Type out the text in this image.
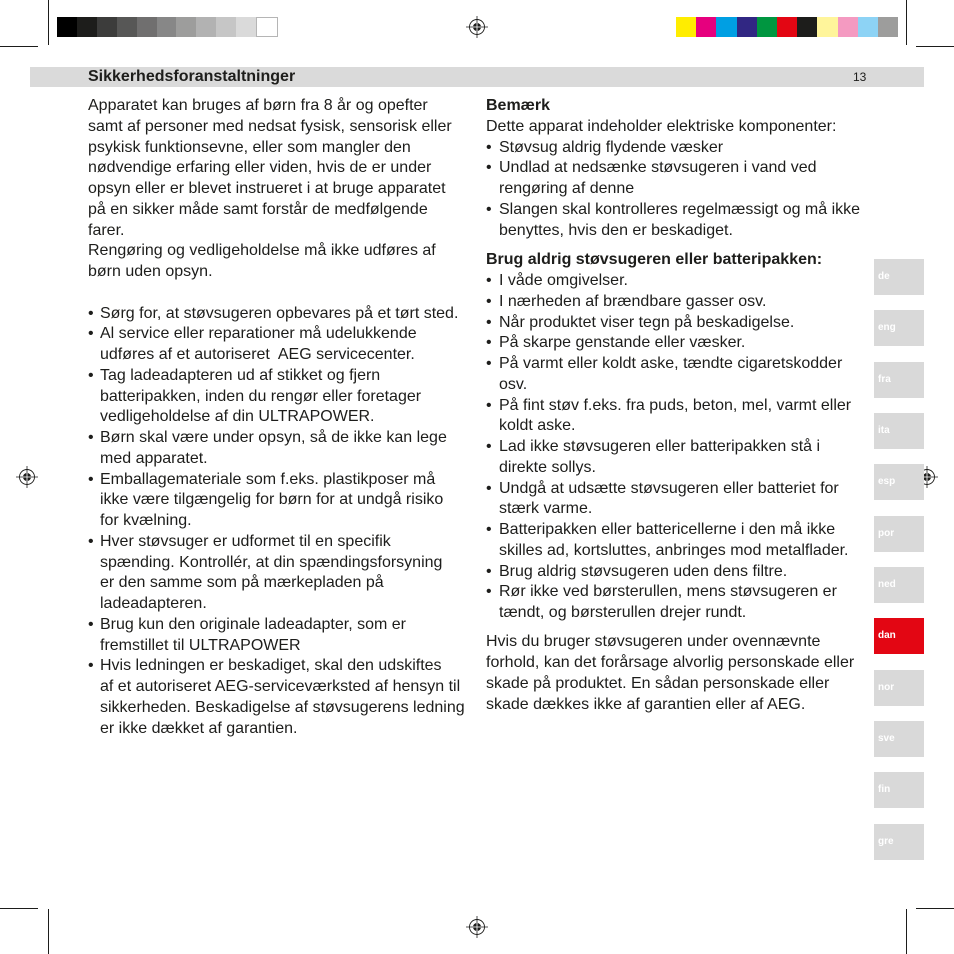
Sikkerhedsforanstaltninger	13
Apparatet kan bruges af børn fra 8 år og opefter
samt af personer med nedsat fysisk, sensorisk eller
psykisk funktionsevne, eller som mangler den
nødvendige erfaring eller viden, hvis de er under
opsyn eller er blevet instrueret i at bruge apparatet
på en sikker måde samt forstår de medfølgende
farer.
Rengøring og vedligeholdelse må ikke udføres af
børn uden opsyn.
• Sørg for, at støvsugeren opbevares på et tørt sted.
• Al service eller reparationer må udelukkende
udføres af et autoriseret  AEG servicecenter.
• Tag ladeadapteren ud af stikket og fjern
batteripakken, inden du rengør eller foretager
vedligeholdelse af din ULTRAPOWER.
• Børn skal være under opsyn, så de ikke kan lege
med apparatet.
• Emballagemateriale som f.eks. plastikposer må
ikke være tilgængelig for børn for at undgå risiko
for kvælning.
• Hver støvsuger er udformet til en specifik
spænding. Kontrollér, at din spændingsforsyning
er den samme som på mærkepladen på
ladeadapteren.
• Brug kun den originale ladeadapter, som er
fremstillet til ULTRAPOWER
• Hvis ledningen er beskadiget, skal den udskiftes
af et autoriseret AEG-serviceværksted af hensyn til
sikkerheden. Beskadigelse af støvsugerens ledning
er ikke dækket af garantien.
Bemærk
Dette apparat indeholder elektriske komponenter:
• Støvsug aldrig flydende væsker
• Undlad at nedsænke støvsugeren i vand ved
rengøring af denne
• Slangen skal kontrolleres regelmæssigt og må ikke
benyttes, hvis den er beskadiget.
Brug aldrig støvsugeren eller batteripakken:
• I våde omgivelser.
• I nærheden af brændbare gasser osv.
• Når produktet viser tegn på beskadigelse.
• På skarpe genstande eller væsker.
• På varmt eller koldt aske, tændte cigaretskodder
osv.
• På fint støv f.eks. fra puds, beton, mel, varmt eller
koldt aske.
• Lad ikke støvsugeren eller batteripakken stå i
direkte sollys.
• Undgå at udsætte støvsugeren eller batteriet for
stærk varme.
• Batteripakken eller battericellerne i den må ikke
skilles ad, kortsluttes, anbringes mod metalflader.
• Brug aldrig støvsugeren uden dens filtre.
• Rør ikke ved børsterullen, mens støvsugeren er
tændt, og børsterullen drejer rundt.
Hvis du bruger støvsugeren under ovennævnte
forhold, kan det forårsage alvorlig personskade eller
skade på produktet. En sådan personskade eller
skade dækkes ikke af garantien eller af AEG.
de
eng
fra
ita
esp
por
ned
dan
nor
sve
fin
gre
